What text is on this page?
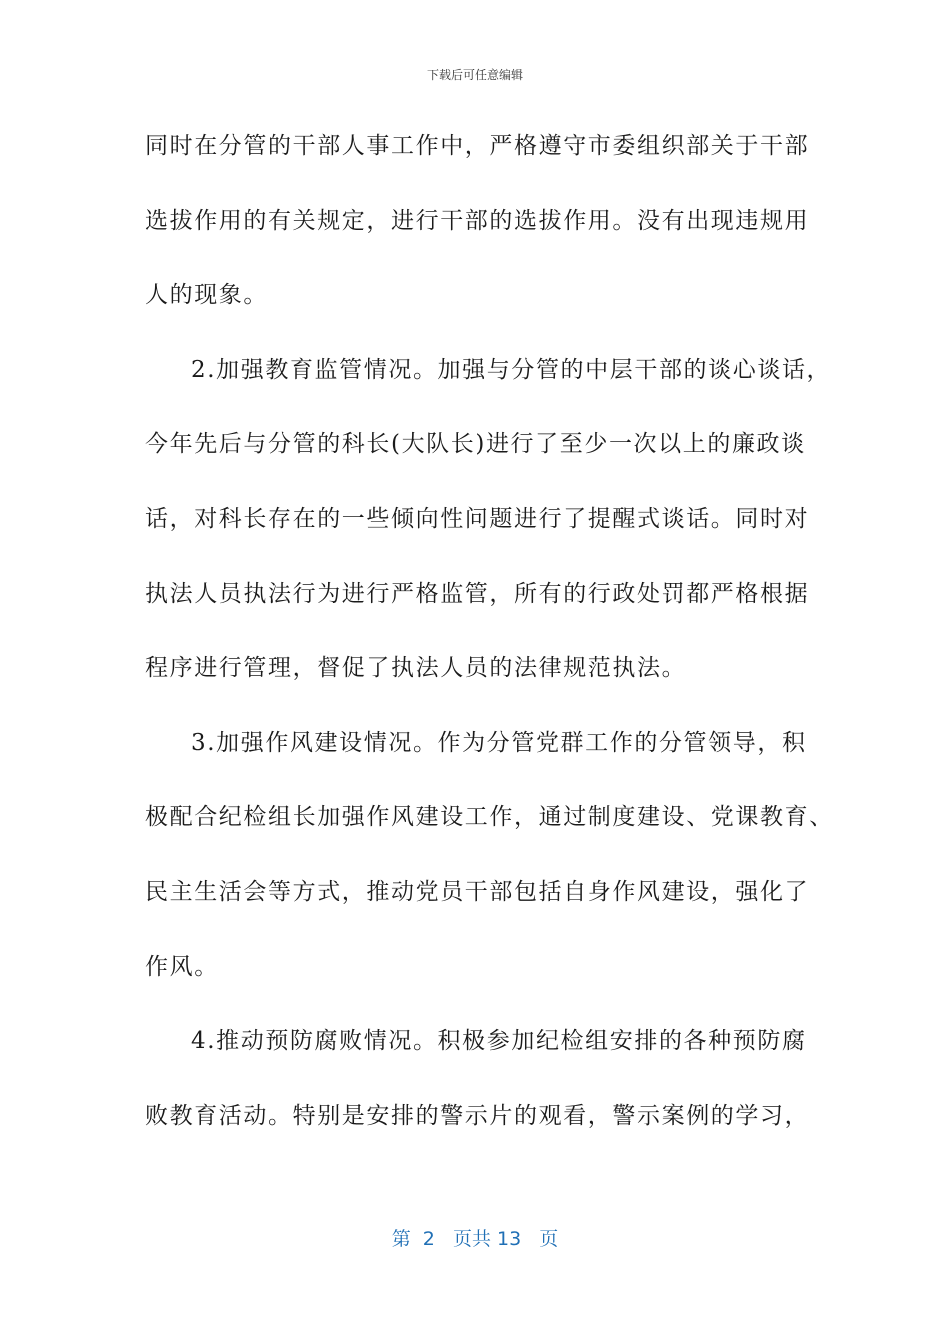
下载后可任意编辑
同时在分管的干部人事工作中，严格遵守市委组织部关于干部
选拔作用的有关规定，进行干部的选拔作用。没有出现违规用
人的现象。
2.加强教育监管情况。加强与分管的中层干部的谈心谈话，
今年先后与分管的科长(大队长)进行了至少一次以上的廉政谈
话，对科长存在的一些倾向性问题进行了提醒式谈话。同时对
执法人员执法行为进行严格监管，所有的行政处罚都严格根据
程序进行管理，督促了执法人员的法律规范执法。
3.加强作风建设情况。作为分管党群工作的分管领导，积
极配合纪检组长加强作风建设工作，通过制度建设、党课教育、
民主生活会等方式，推动党员干部包括自身作风建设，强化了
作风。
4.推动预防腐败情况。积极参加纪检组安排的各种预防腐
败教育活动。特别是安排的警示片的观看，警示案例的学习，
第  2   页共 13   页
